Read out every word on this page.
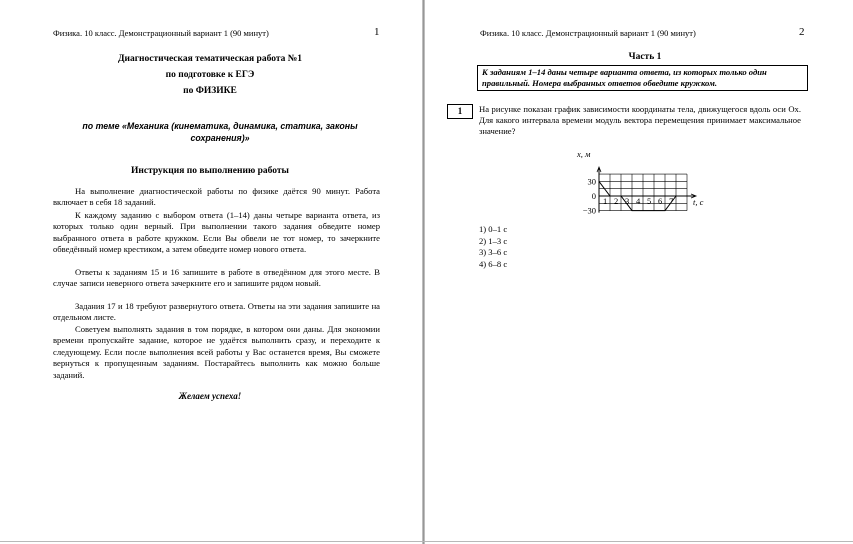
Физика. 10 класс. Демонстрационный вариант 1 (90 минут)	1
Диагностическая тематическая работа №1
по подготовке к ЕГЭ
по ФИЗИКЕ
по теме «Механика (кинематика, динамика, статика, законы сохранения)»
Инструкция по выполнению работы

На выполнение диагностической работы по физике даётся 90 минут. Работа включает в себя 18 заданий.

К каждому заданию с выбором ответа (1–14) даны четыре варианта ответа, из которых только один верный. При выполнении такого задания обведите номер выбранного ответа в работе кружком. Если Вы обвели не тот номер, то зачеркните обведённый номер крестиком, а затем обведите номер нового ответа.

Ответы к заданиям 15 и 16 запишите в работе в отведённом для этого месте. В случае записи неверного ответа зачеркните его и запишите рядом новый.

Задания 17 и 18 требуют развернутого ответа. Ответы на эти задания запишите на отдельном листе.

Советуем выполнять задания в том порядке, в котором они даны. Для экономии времени пропускайте задание, которое не удаётся выполнить сразу, и переходите к следующему. Если после выполнения всей работы у Вас останется время, Вы сможете вернуться к пропущенным заданиям. Постарайтесь выполнить как можно больше заданий.

Желаем успеха!
Физика. 10 класс. Демонстрационный вариант 1 (90 минут)	2
Часть 1
К заданиям 1–14 даны четыре варианта ответа, из которых только один правильный. Номера выбранных ответов обведите кружком.
1	На рисунке показан график зависимости координаты тела, движущегося вдоль оси Ox. Для какого интервала времени модуль вектора перемещения принимает максимальное значение?

x, м
t, c
30
0
−30
1 2 3 4 5 6 7
1) 0–1 с
2) 1–3 с
3) 3–6 с
4) 6–8 с
